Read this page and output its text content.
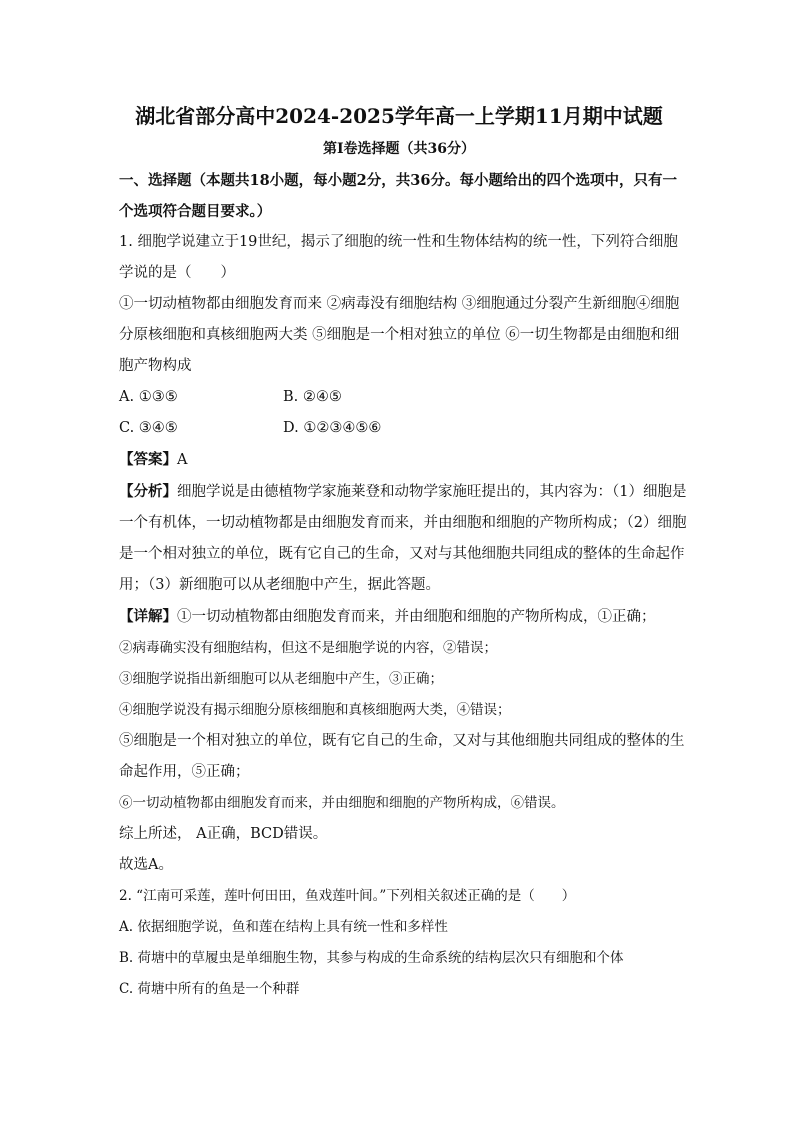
湖北省部分高中2024-2025学年高一上学期11月期中试题
第Ⅰ卷选择题（共36分）
一、选择题（本题共18小题，每小题2分，共36分。每小题给出的四个选项中，只有一
个选项符合题目要求。）
1. 细胞学说建立于19世纪，揭示了细胞的统一性和生物体结构的统一性，下列符合细胞
学说的是（　　）
①一切动植物都由细胞发育而来 ②病毒没有细胞结构 ③细胞通过分裂产生新细胞④细胞
分原核细胞和真核细胞两大类 ⑤细胞是一个相对独立的单位 ⑥一切生物都是由细胞和细
胞产物构成
A. ①③⑤	B. ②④⑤
C. ③④⑤	D. ①②③④⑤⑥
【答案】A
【分析】细胞学说是由德植物学家施莱登和动物学家施旺提出的，其内容为：（1）细胞是
一个有机体，一切动植物都是由细胞发育而来，并由细胞和细胞的产物所构成；（2）细胞
是一个相对独立的单位，既有它自己的生命，又对与其他细胞共同组成的整体的生命起作
用；（3）新细胞可以从老细胞中产生，据此答题。
【详解】①一切动植物都由细胞发育而来，并由细胞和细胞的产物所构成，①正确；
②病毒确实没有细胞结构，但这不是细胞学说的内容，②错误；
③细胞学说指出新细胞可以从老细胞中产生，③正确；
④细胞学说没有揭示细胞分原核细胞和真核细胞两大类，④错误；
⑤细胞是一个相对独立的单位，既有它自己的生命，又对与其他细胞共同组成的整体的生
命起作用，⑤正确；
⑥一切动植物都由细胞发育而来，并由细胞和细胞的产物所构成，⑥错误。
综上所述， A正确，BCD错误。
故选A。
2. “江南可采莲，莲叶何田田，鱼戏莲叶间。”下列相关叙述正确的是（　　）
A. 依据细胞学说，鱼和莲在结构上具有统一性和多样性
B. 荷塘中的草履虫是单细胞生物，其参与构成的生命系统的结构层次只有细胞和个体
C. 荷塘中所有的鱼是一个种群
